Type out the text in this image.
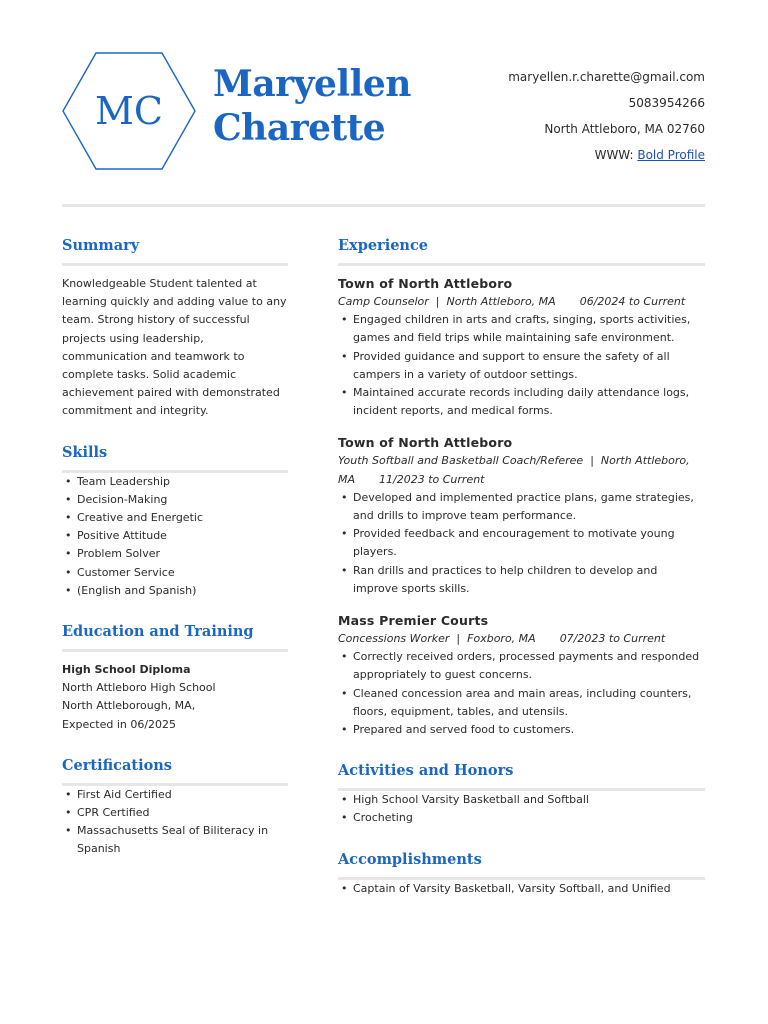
MC
Maryellen
Charette
maryellen.r.charette@gmail.com
5083954266
North Attleboro, MA 02760
WWW: Bold Profile
Summary
Knowledgeable Student talented at learning quickly and adding value to any team. Strong history of successful projects using leadership, communication and teamwork to complete tasks. Solid academic achievement paired with demonstrated commitment and integrity.
Skills
• Team Leadership
• Decision-Making
• Creative and Energetic
• Positive Attitude
• Problem Solver
• Customer Service
• (English and Spanish)
Education and Training
High School Diploma
North Attleboro High School
North Attleborough, MA,
Expected in 06/2025
Certifications
• First Aid Certified
• CPR Certified
• Massachusetts Seal of Biliteracy in Spanish
Experience
Town of North Attleboro
Camp Counselor  |  North Attleboro, MA 06/2024 to Current
• Engaged children in arts and crafts, singing, sports activities, games and field trips while maintaining safe environment.
• Provided guidance and support to ensure the safety of all campers in a variety of outdoor settings.
• Maintained accurate records including daily attendance logs, incident reports, and medical forms.
Town of North Attleboro
Youth Softball and Basketball Coach/Referee  |  North Attleboro, MA 11/2023 to Current
• Developed and implemented practice plans, game strategies, and drills to improve team performance.
• Provided feedback and encouragement to motivate young players.
• Ran drills and practices to help children to develop and improve sports skills.
Mass Premier Courts
Concessions Worker  |  Foxboro, MA 07/2023 to Current
• Correctly received orders, processed payments and responded appropriately to guest concerns.
• Cleaned concession area and main areas, including counters, floors, equipment, tables, and utensils.
• Prepared and served food to customers.
Activities and Honors
• High School Varsity Basketball and Softball
• Crocheting
Accomplishments
• Captain of Varsity Basketball, Varsity Softball, and Unified
